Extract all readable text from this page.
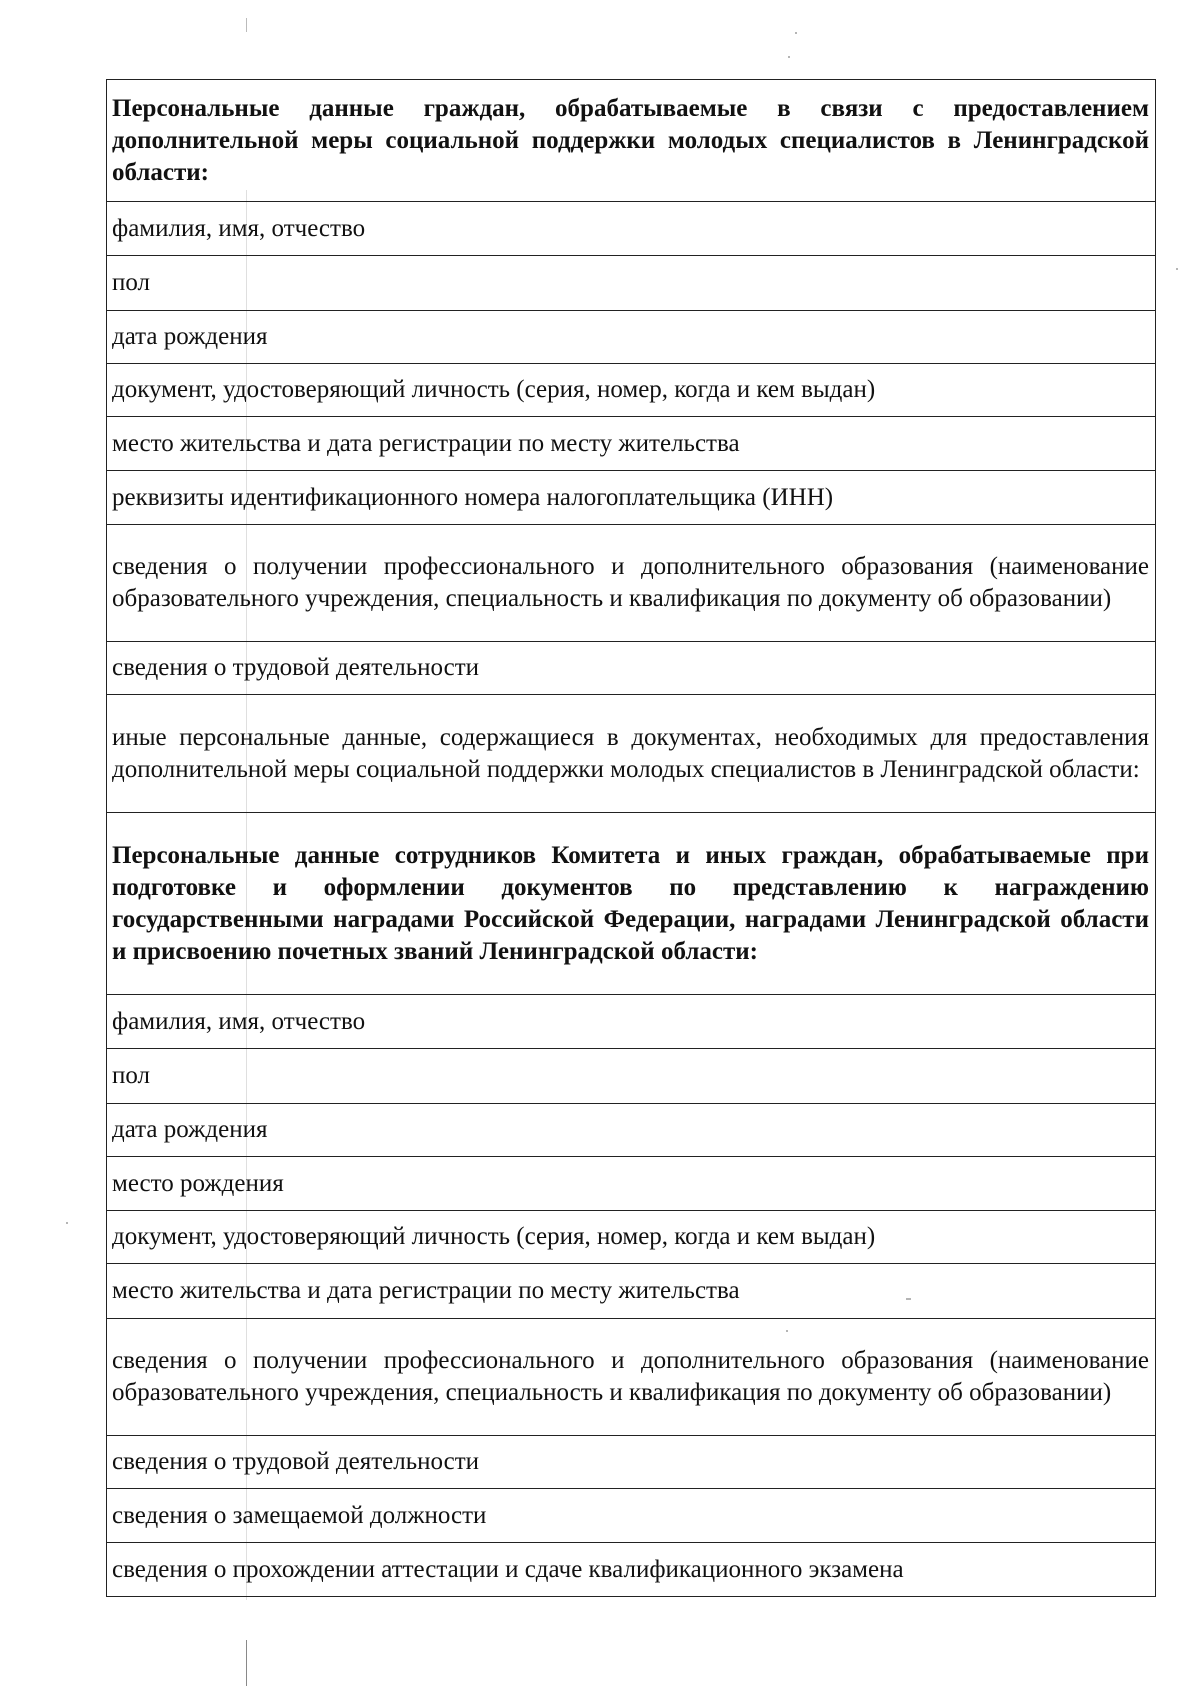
Персональные данные граждан, обрабатываемые в связи с предоставлением дополнительной меры социальной поддержки молодых специалистов в Ленинградской области:
фамилия, имя, отчество
пол
дата рождения
документ, удостоверяющий личность (серия, номер, когда и кем выдан)
место жительства и дата регистрации по месту жительства
реквизиты идентификационного номера налогоплательщика (ИНН)
сведения о получении профессионального и дополнительного образования (наименование образовательного учреждения, специальность и квалификация по документу об образовании)
сведения о трудовой деятельности
иные персональные данные, содержащиеся в документах, необходимых для предоставления дополнительной меры социальной поддержки молодых специалистов в Ленинградской области:
Персональные данные сотрудников Комитета и иных граждан, обрабатываемые при подготовке и оформлении документов по представлению к награждению государственными наградами Российской Федерации, наградами Ленинградской области и присвоению почетных званий Ленинградской области:
фамилия, имя, отчество
пол
дата рождения
место рождения
документ, удостоверяющий личность (серия, номер, когда и кем выдан)
место жительства и дата регистрации по месту жительства
сведения о получении профессионального и дополнительного образования (наименование образовательного учреждения, специальность и квалификация по документу об образовании)
сведения о трудовой деятельности
сведения о замещаемой должности
сведения о прохождении аттестации и сдаче квалификационного экзамена
